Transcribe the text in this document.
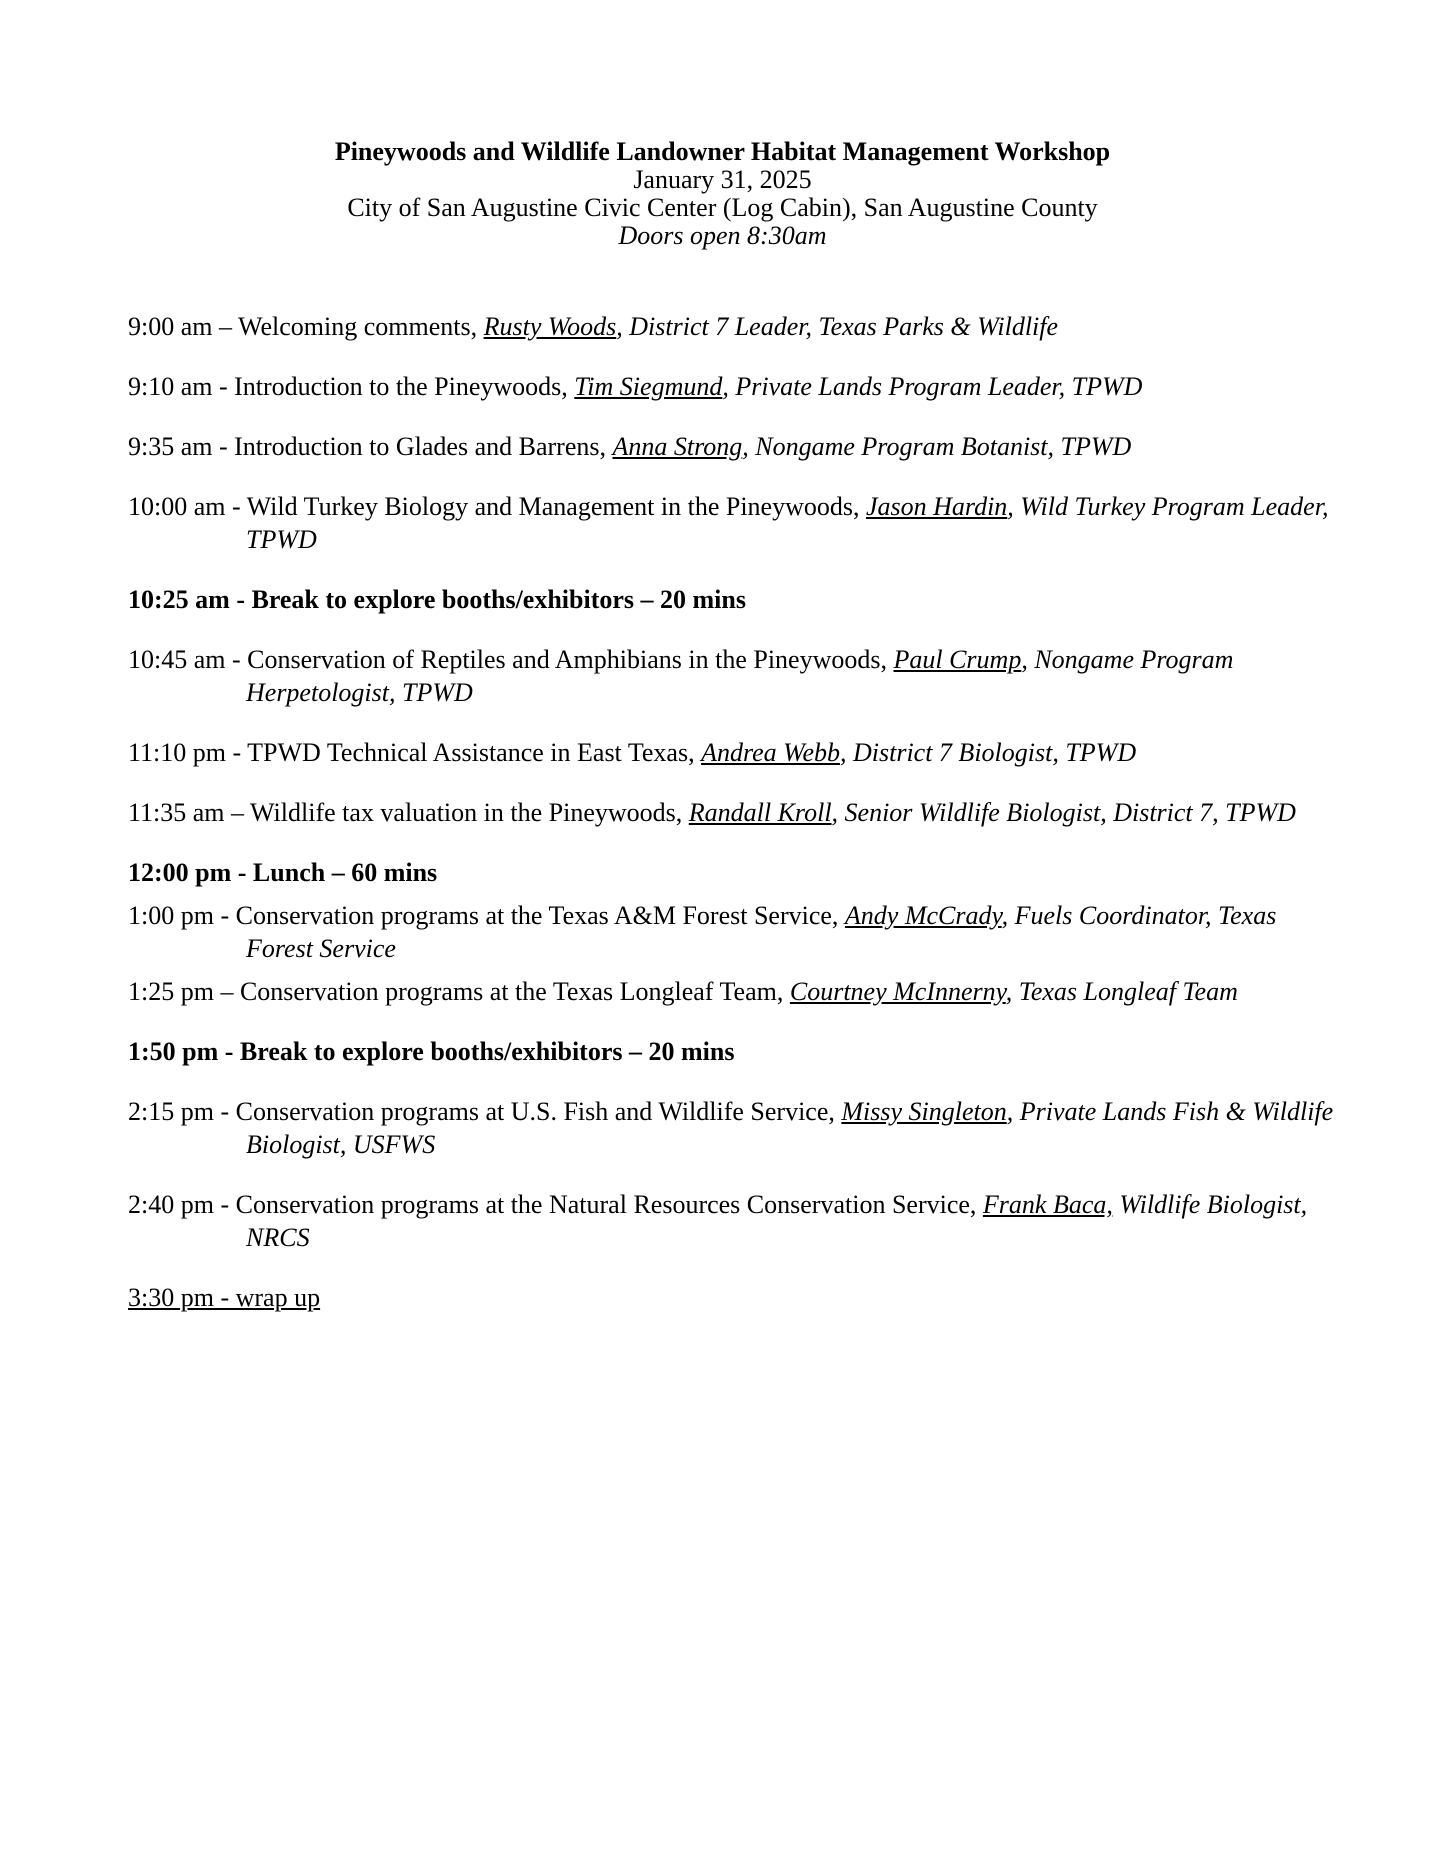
Pineywoods and Wildlife Landowner Habitat Management Workshop
January 31, 2025
City of San Augustine Civic Center (Log Cabin), San Augustine County
Doors open 8:30am

9:00 am – Welcoming comments, Rusty Woods, District 7 Leader, Texas Parks & Wildlife

9:10 am - Introduction to the Pineywoods, Tim Siegmund, Private Lands Program Leader, TPWD

9:35 am - Introduction to Glades and Barrens, Anna Strong, Nongame Program Botanist, TPWD

10:00 am - Wild Turkey Biology and Management in the Pineywoods, Jason Hardin, Wild Turkey Program Leader, TPWD

10:25 am - Break to explore booths/exhibitors – 20 mins

10:45 am - Conservation of Reptiles and Amphibians in the Pineywoods, Paul Crump, Nongame Program Herpetologist, TPWD

11:10 pm - TPWD Technical Assistance in East Texas, Andrea Webb, District 7 Biologist, TPWD

11:35 am – Wildlife tax valuation in the Pineywoods, Randall Kroll, Senior Wildlife Biologist, District 7, TPWD

12:00 pm - Lunch – 60 mins

1:00 pm - Conservation programs at the Texas A&M Forest Service, Andy McCrady, Fuels Coordinator, Texas Forest Service

1:25 pm – Conservation programs at the Texas Longleaf Team, Courtney McInnerny, Texas Longleaf Team

1:50 pm - Break to explore booths/exhibitors – 20 mins

2:15 pm - Conservation programs at U.S. Fish and Wildlife Service, Missy Singleton, Private Lands Fish & Wildlife Biologist, USFWS

2:40 pm - Conservation programs at the Natural Resources Conservation Service, Frank Baca, Wildlife Biologist, NRCS

3:30 pm - wrap up
